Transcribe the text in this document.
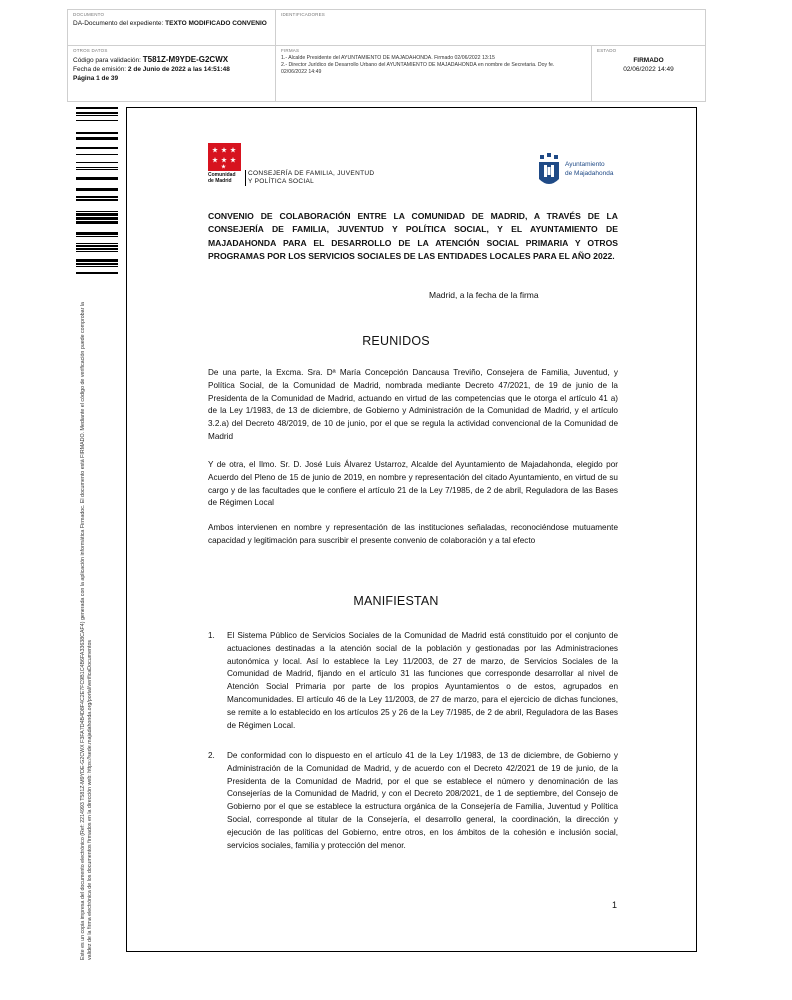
DOCUMENTO
DA-Documento del expediente: TEXTO MODIFICADO CONVENIO
IDENTIFICADORES
OTROS DATOS
Código para validación: T581Z-M9YDE-G2CWX
Fecha de emisión: 2 de Junio de 2022 a las 14:51:48
Página 1 de 39
FIRMAS
1.- Alcalde Presidente del AYUNTAMIENTO DE MAJADAHONDA. Firmado 02/06/2022 13:15
2.- Director Jurídico de Desarrollo Urbano del AYUNTAMIENTO DE MAJADAHONDA en nombre de Secretaria. Doy fe.
02/06/2022 14:49
ESTADO
FIRMADO
02/06/2022 14:49
Este es un copia impresa del documento electrónico (Ref: 2214993 T581Z-M9YDE-G2CWX F3FA7D4B4D8F4C2E7FC9B1C4B6FA33638CAF4) generada con la aplicación informática Firmadoc. El documento está FIRMADO. Mediante el código de verificación puede comprobar la validez de la firma electrónica de los documentos firmados en la dirección web: https://sede.majadahonda.org/portal/verificaDocumentos
Comunidad
de Madrid
CONSEJERÍA DE FAMILIA, JUVENTUD
Y POLÍTICA SOCIAL
Ayuntamiento
de Majadahonda
CONVENIO DE COLABORACIÓN ENTRE LA COMUNIDAD DE MADRID, A TRAVÉS DE LA CONSEJERÍA DE FAMILIA, JUVENTUD Y POLÍTICA SOCIAL, Y EL AYUNTAMIENTO DE MAJADAHONDA PARA EL DESARROLLO DE LA ATENCIÓN SOCIAL PRIMARIA Y OTROS PROGRAMAS POR LOS SERVICIOS SOCIALES DE LAS ENTIDADES LOCALES PARA EL AÑO 2022.
Madrid, a la fecha de la firma
REUNIDOS
De una parte, la Excma. Sra. Dª María Concepción Dancausa Treviño, Consejera de Familia, Juventud, y Política Social, de la Comunidad de Madrid, nombrada mediante Decreto 47/2021, de 19 de junio de la Presidenta de la Comunidad de Madrid, actuando en virtud de las competencias que le otorga el artículo 41 a) de la Ley 1/1983, de 13 de diciembre, de Gobierno y Administración de la Comunidad de Madrid, y el artículo 3.2.a) del Decreto 48/2019, de 10 de junio, por el que se regula la actividad convencional de la Comunidad de Madrid
Y de otra, el Ilmo. Sr. D. José Luis Álvarez Ustarroz, Alcalde del Ayuntamiento de Majadahonda, elegido por Acuerdo del Pleno de 15 de junio de 2019, en nombre y representación del citado Ayuntamiento, en virtud de su cargo y de las facultades que le confiere el artículo 21 de la Ley 7/1985, de 2 de abril, Reguladora de las Bases de Régimen Local
Ambos intervienen en nombre y representación de las instituciones señaladas, reconociéndose mutuamente capacidad y legitimación para suscribir el presente convenio de colaboración y a tal efecto
MANIFIESTAN
1. El Sistema Público de Servicios Sociales de la Comunidad de Madrid está constituido por el conjunto de actuaciones destinadas a la atención social de la población y gestionadas por las Administraciones autonómica y local. Así lo establece la Ley 11/2003, de 27 de marzo, de Servicios Sociales de la Comunidad de Madrid, fijando en el artículo 31 las funciones que corresponde desarrollar al nivel de Atención Social Primaria por parte de los propios Ayuntamientos o de estos, agrupados en Mancomunidades. El artículo 46 de la Ley 11/2003, de 27 de marzo, para el ejercicio de dichas funciones, se remite a lo establecido en los artículos 25 y 26 de la Ley 7/1985, de 2 de abril, Reguladora de las Bases de Régimen Local.
2. De conformidad con lo dispuesto en el artículo 41 de la Ley 1/1983, de 13 de diciembre, de Gobierno y Administración de la Comunidad de Madrid, y de acuerdo con el Decreto 42/2021 de 19 de junio, de la Presidenta de la Comunidad de Madrid, por el que se establece el número y denominación de las Consejerías de la Comunidad de Madrid, y con el Decreto 208/2021, de 1 de septiembre, del Consejo de Gobierno por el que se establece la estructura orgánica de la Consejería de Familia, Juventud y Política Social, corresponde al titular de la Consejería, el desarrollo general, la coordinación, la dirección y ejecución de las políticas del Gobierno, entre otros, en los ámbitos de la cohesión e inclusión social, servicios sociales, familia y protección del menor.
1
